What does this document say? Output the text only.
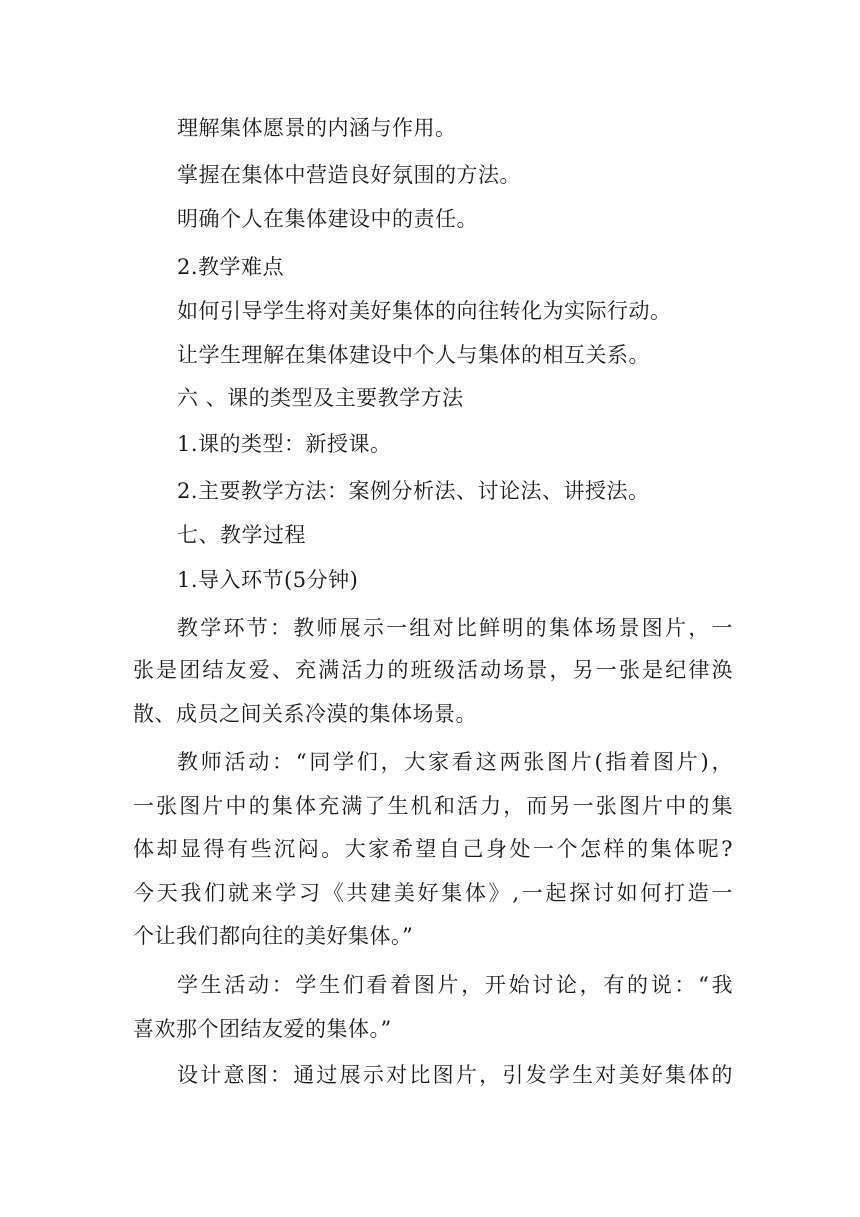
理解集体愿景的内涵与作用。
掌握在集体中营造良好氛围的方法。
明确个人在集体建设中的责任。
2.教学难点
如何引导学生将对美好集体的向往转化为实际行动。
让学生理解在集体建设中个人与集体的相互关系。
六 、课的类型及主要教学方法
1.课的类型：新授课。
2.主要教学方法：案例分析法、讨论法、讲授法。
七、教学过程
1.导入环节(5分钟)
教学环节：教师展示一组对比鲜明的集体场景图片，一
张是团结友爱、充满活力的班级活动场景，另一张是纪律涣
散、成员之间关系冷漠的集体场景。
教师活动：“同学们，大家看这两张图片(指着图片)，
一张图片中的集体充满了生机和活力，而另一张图片中的集
体却显得有些沉闷。大家希望自己身处一个怎样的集体呢?
今天我们就来学习《共建美好集体》,一起探讨如何打造一
个让我们都向往的美好集体。”
学生活动：学生们看着图片，开始讨论，有的说：“我
喜欢那个团结友爱的集体。”
设计意图：通过展示对比图片，引发学生对美好集体的
